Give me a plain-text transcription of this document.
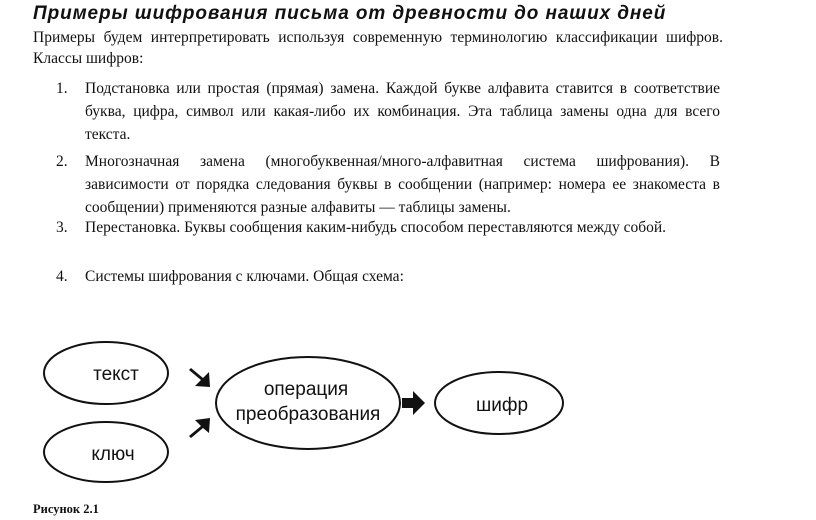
Примеры шифрования письма от древности до наших дней

Примеры будем интерпретировать используя современную терминологию классификации шифров. Классы шифров:

1.	Подстановка или простая (прямая) замена. Каждой букве алфавита ставится в соответствие буква, цифра, символ или какая-либо их комбинация. Эта таблица замены одна для всего текста.
2.	Многозначная замена (многобуквенная/много-алфавитная система шифрования). В зависимости от порядка следования буквы в сообщении (например: номера ее знакоместа в сообщении) применяются разные алфавиты — таблицы замены.
3.	Перестановка. Буквы сообщения каким-нибудь способом переставляются между собой.
4.	Системы шифрования с ключами. Общая схема:
текст
ключ
операция
преобразования	шифр

Рисунок 2.1
